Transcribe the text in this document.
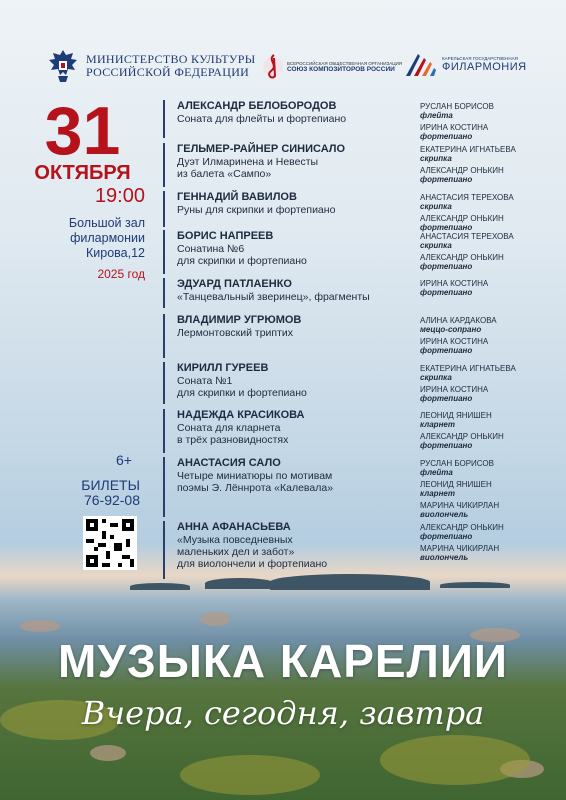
МИНИСТЕРСТВО КУЛЬТУРЫ
РОССИЙСКОЙ ФЕДЕРАЦИИ
ВСЕРОССИЙСКАЯ ОБЩЕСТВЕННАЯ ОРГАНИЗАЦИЯ
СОЮЗ КОМПОЗИТОРОВ РОССИИ
КАРЕЛЬСКАЯ ГОСУДАРСТВЕННАЯ
ФИЛАРМОНИЯ
31
ОКТЯБРЯ
19:00
Большой зал
филармонии
Кирова,12
2025 год
6+
БИЛЕТЫ
76-92-08
АЛЕКСАНДР БЕЛОБОРОДОВ
Соната для флейты и фортепиано
РУСЛАН БОРИСОВ
флейта
ИРИНА КОСТИНА
фортепиано
ГЕЛЬМЕР-РАЙНЕР СИНИСАЛО
Дуэт Илмаринена и Невесты
из балета «Сампо»
ЕКАТЕРИНА ИГНАТЬЕВА
скрипка
АЛЕКСАНДР ОНЬКИН
фортепиано
ГЕННАДИЙ ВАВИЛОВ
Руны для скрипки и фортепиано
АНАСТАСИЯ ТЕРЕХОВА
скрипка
АЛЕКСАНДР ОНЬКИН
фортепиано
БОРИС НАПРЕЕВ
Сонатина №6
для скрипки и фортепиано
АНАСТАСИЯ ТЕРЕХОВА
скрипка
АЛЕКСАНДР ОНЬКИН
фортепиано
ЭДУАРД ПАТЛАЕНКО
«Танцевальный зверинец», фрагменты
ИРИНА КОСТИНА
фортепиано
ВЛАДИМИР УГРЮМОВ
Лермонтовский триптих
АЛИНА КАРДАКОВА
меццо-сопрано
ИРИНА КОСТИНА
фортепиано
КИРИЛЛ ГУРЕЕВ
Соната №1
для скрипки и фортепиано
ЕКАТЕРИНА ИГНАТЬЕВА
скрипка
ИРИНА КОСТИНА
фортепиано
НАДЕЖДА КРАСИКОВА
Соната для кларнета
в трёх разновидностях
ЛЕОНИД ЯНИШЕН
кларнет
АЛЕКСАНДР ОНЬКИН
фортепиано
АНАСТАСИЯ САЛО
Четыре миниатюры по мотивам
поэмы Э. Лённрота «Калевала»
РУСЛАН БОРИСОВ
флейта
ЛЕОНИД ЯНИШЕН
кларнет
МАРИНА ЧИКИРЛАН
виолончель
АННА АФАНАСЬЕВА
«Музыка повседневных
маленьких дел и забот»
для виолончели и фортепиано
АЛЕКСАНДР ОНЬКИН
фортепиано
МАРИНА ЧИКИРЛАН
виолончель
МУЗЫКА КАРЕЛИИ
Вчера, сегодня, завтра
